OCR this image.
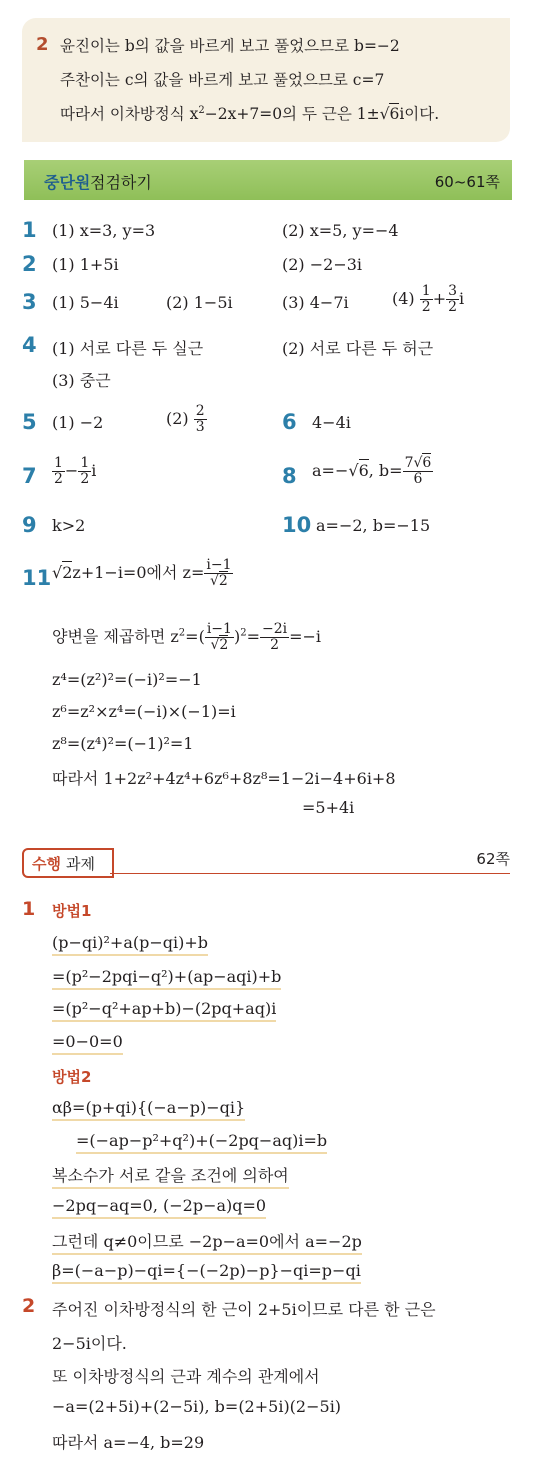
2 윤진이는 b의 값을 바르게 보고 풀었으므로 b=−2
주찬이는 c의 값을 바르게 보고 풀었으므로 c=7
따라서 이차방정식 $x^2-2x+7=0$의 두 근은 1±√6i이다.
중단원 점검하기	60~61쪽
1 (1) x=3, y=3	(2) x=5, y=−4
2 (1) 1+5i	(2) −2−3i
3 (1) 5−4i	(2) 1−5i	(3) 4−7i	$(4) \frac{1}{2} + \frac{3}{2}$ i
4 (1) 서로 다른 두 실근	(2) 서로 다른 두 허근
(3) 중근
5 (1) −2	$(2) \frac{2}{3}$	6 4−4i
$7 \frac{1}{2} - \frac{1}{2}$ i	8 a=−√6, $b= \frac{7√6}{6}$
9 k>2	10 a=−2, b=−15
11 √2z+1−i=0에서 $z= \frac{i-1}{√2}$
양변을 제곱하면 $z^2=( \frac{i-1}{√2} )^2= \frac{-2i}{2} =-i$
z⁴=(z²)²=(−i)²=−1
z⁶=z²×z⁴=(−i)×(−1)=i
z⁸=(z⁴)²=(−1)²=1
따라서 1+2z²+4z⁴+6z⁶+8z⁸=1−2i−4+6i+8
=5+4i
수행 과제	62쪽
1 방법1
(p−qi)²+a(p−qi)+b
=(p²−2pqi−q²)+(ap−aqi)+b
=(p²−q²+ap+b)−(2pq+aq)i
=0−0=0
방법2
αβ=(p+qi){(−a−p)−qi}
=(−ap−p²+q²)+(−2pq−aq)i=b
복소수가 서로 같을 조건에 의하여
−2pq−aq=0, (−2p−a)q=0
그런데 q≠0이므로 −2p−a=0에서 a=−2p
β=(−a−p)−qi={−(−2p)−p}−qi=p−qi
2 주어진 이차방정식의 한 근이 2+5i이므로 다른 한 근은
2−5i이다.
또 이차방정식의 근과 계수의 관계에서
−a=(2+5i)+(2−5i), b=(2+5i)(2−5i)
따라서 a=−4, b=29
